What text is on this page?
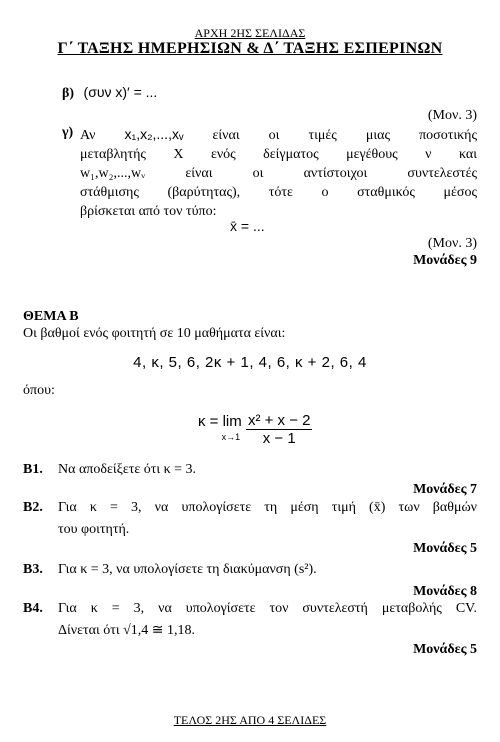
ΑΡΧΗ 2ΗΣ ΣΕΛΙΔΑΣ
Γ΄ ΤΑΞΗΣ ΗΜΕΡΗΣΙΩΝ & Δ΄ ΤΑΞΗΣ ΕΣΠΕΡΙΝΩΝ
β) (συν x)′ = ...
(Μον. 3)
γ) Αν x₁,x₂,...,xᵥ είναι οι τιμές μιας ποσοτικής
μεταβλητής X ενός δείγματος μεγέθους ν και
w₁,w₂,...,wᵥ είναι οι αντίστοιχοι συντελεστές
στάθμισης (βαρύτητας), τότε ο σταθμικός μέσος
βρίσκεται από τον τύπο:
x̄ = ...
(Μον. 3)
Μονάδες 9
ΘΕΜΑ Β
Οι βαθμοί ενός φοιτητή σε 10 μαθήματα είναι:
4, κ, 5, 6, 2κ + 1, 4, 6, κ + 2, 6, 4
όπου:
κ = lim
$x\to 1 \frac{\text{x² + x − 2}}{x - 1}$
Β1. Να αποδείξετε ότι κ = 3.
Μονάδες 7
Β2. Για κ = 3, να υπολογίσετε τη μέση τιμή (x̄) των βαθμών
του φοιτητή.
Μονάδες 5
Β3. Για κ = 3, να υπολογίσετε τη διακύμανση (s²).
Μονάδες 8
Β4. Για κ = 3, να υπολογίσετε τον συντελεστή μεταβολής CV.
Δίνεται ότι √1,4 ≅ 1,18.
Μονάδες 5
ΤΕΛΟΣ 2ΗΣ ΑΠΟ 4 ΣΕΛΙΔΕΣ
